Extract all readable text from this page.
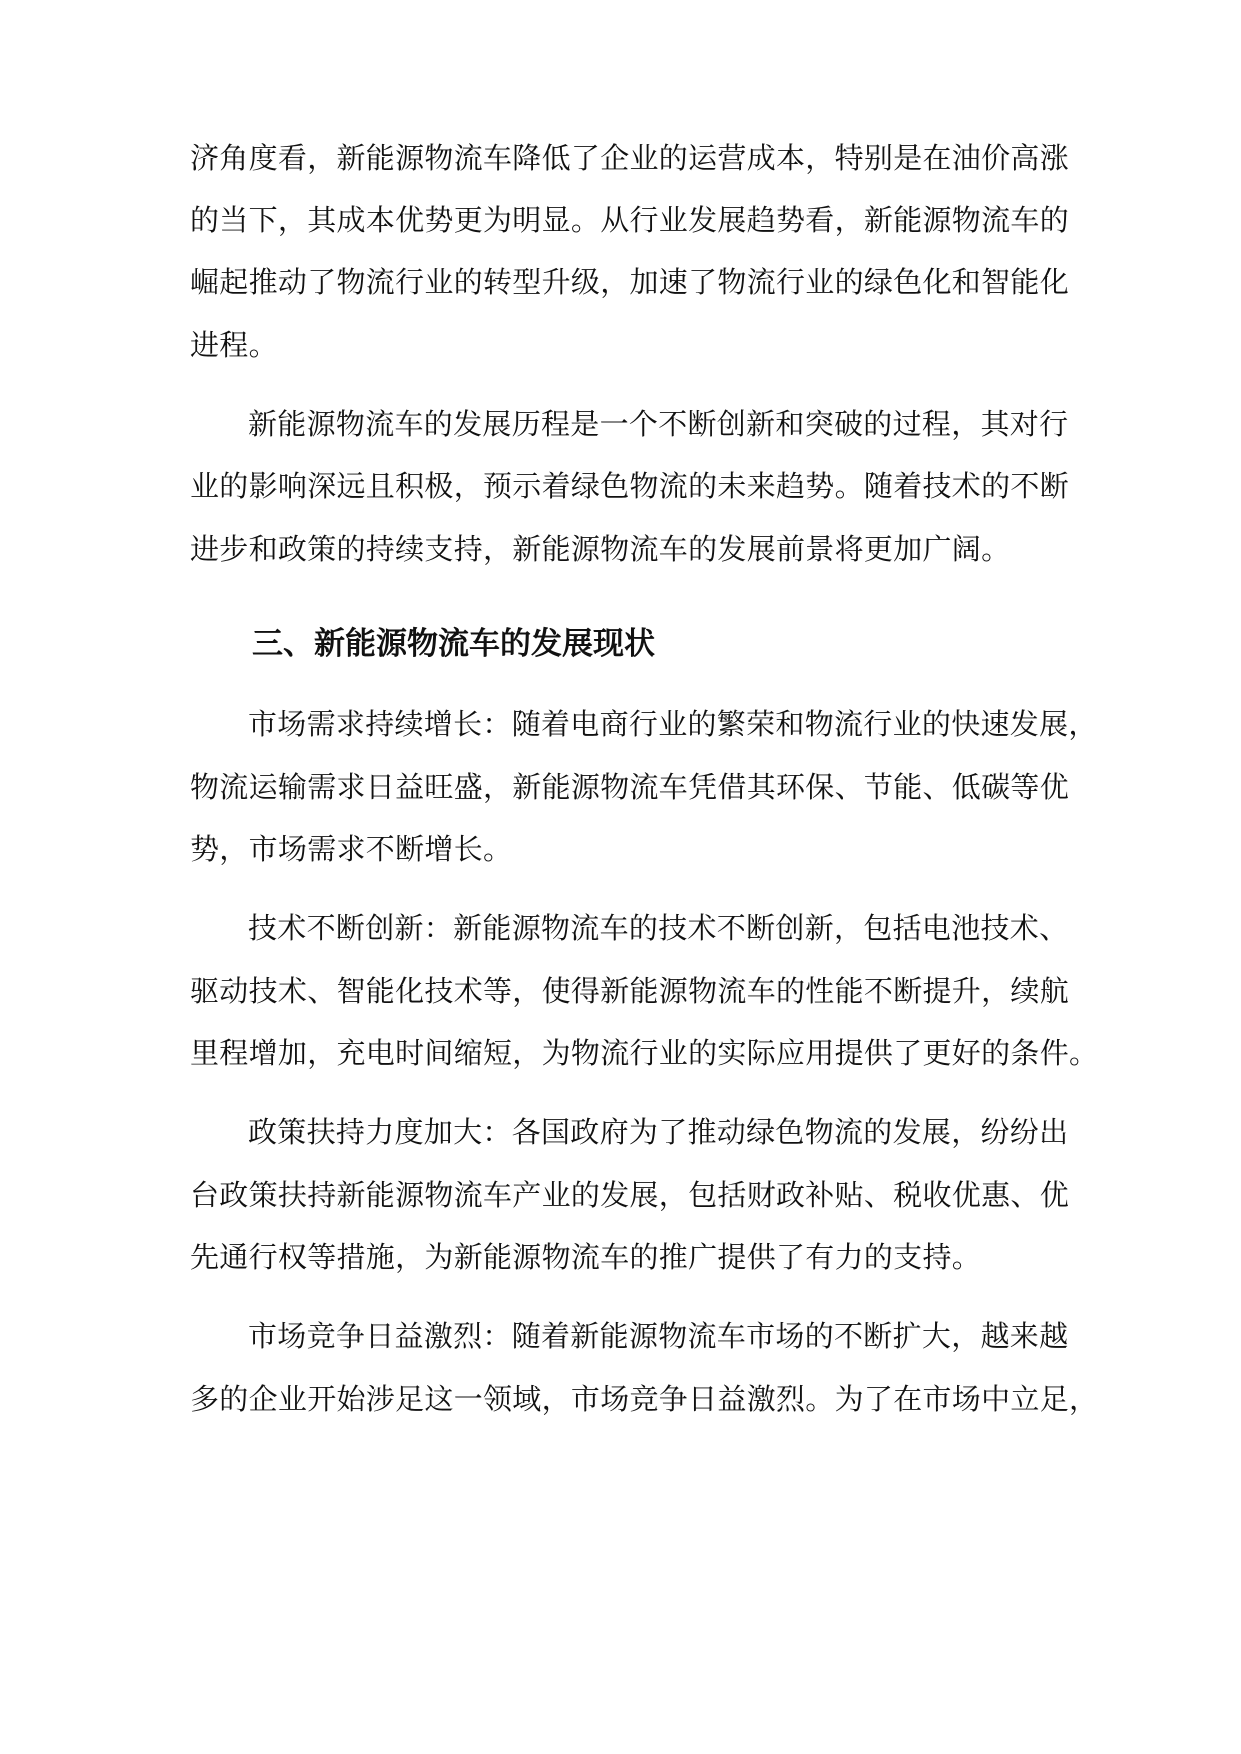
济角度看，新能源物流车降低了企业的运营成本，特别是在油价高涨
的当下，其成本优势更为明显。从行业发展趋势看，新能源物流车的
崛起推动了物流行业的转型升级，加速了物流行业的绿色化和智能化
进程。
新能源物流车的发展历程是一个不断创新和突破的过程，其对行
业的影响深远且积极，预示着绿色物流的未来趋势。随着技术的不断
进步和政策的持续支持，新能源物流车的发展前景将更加广阔。
三、新能源物流车的发展现状
市场需求持续增长：随着电商行业的繁荣和物流行业的快速发展，
物流运输需求日益旺盛，新能源物流车凭借其环保、节能、低碳等优
势，市场需求不断增长。
技术不断创新：新能源物流车的技术不断创新，包括电池技术、
驱动技术、智能化技术等，使得新能源物流车的性能不断提升，续航
里程增加，充电时间缩短，为物流行业的实际应用提供了更好的条件。
政策扶持力度加大：各国政府为了推动绿色物流的发展，纷纷出
台政策扶持新能源物流车产业的发展，包括财政补贴、税收优惠、优
先通行权等措施，为新能源物流车的推广提供了有力的支持。
市场竞争日益激烈：随着新能源物流车市场的不断扩大，越来越
多的企业开始涉足这一领域，市场竞争日益激烈。为了在市场中立足，
